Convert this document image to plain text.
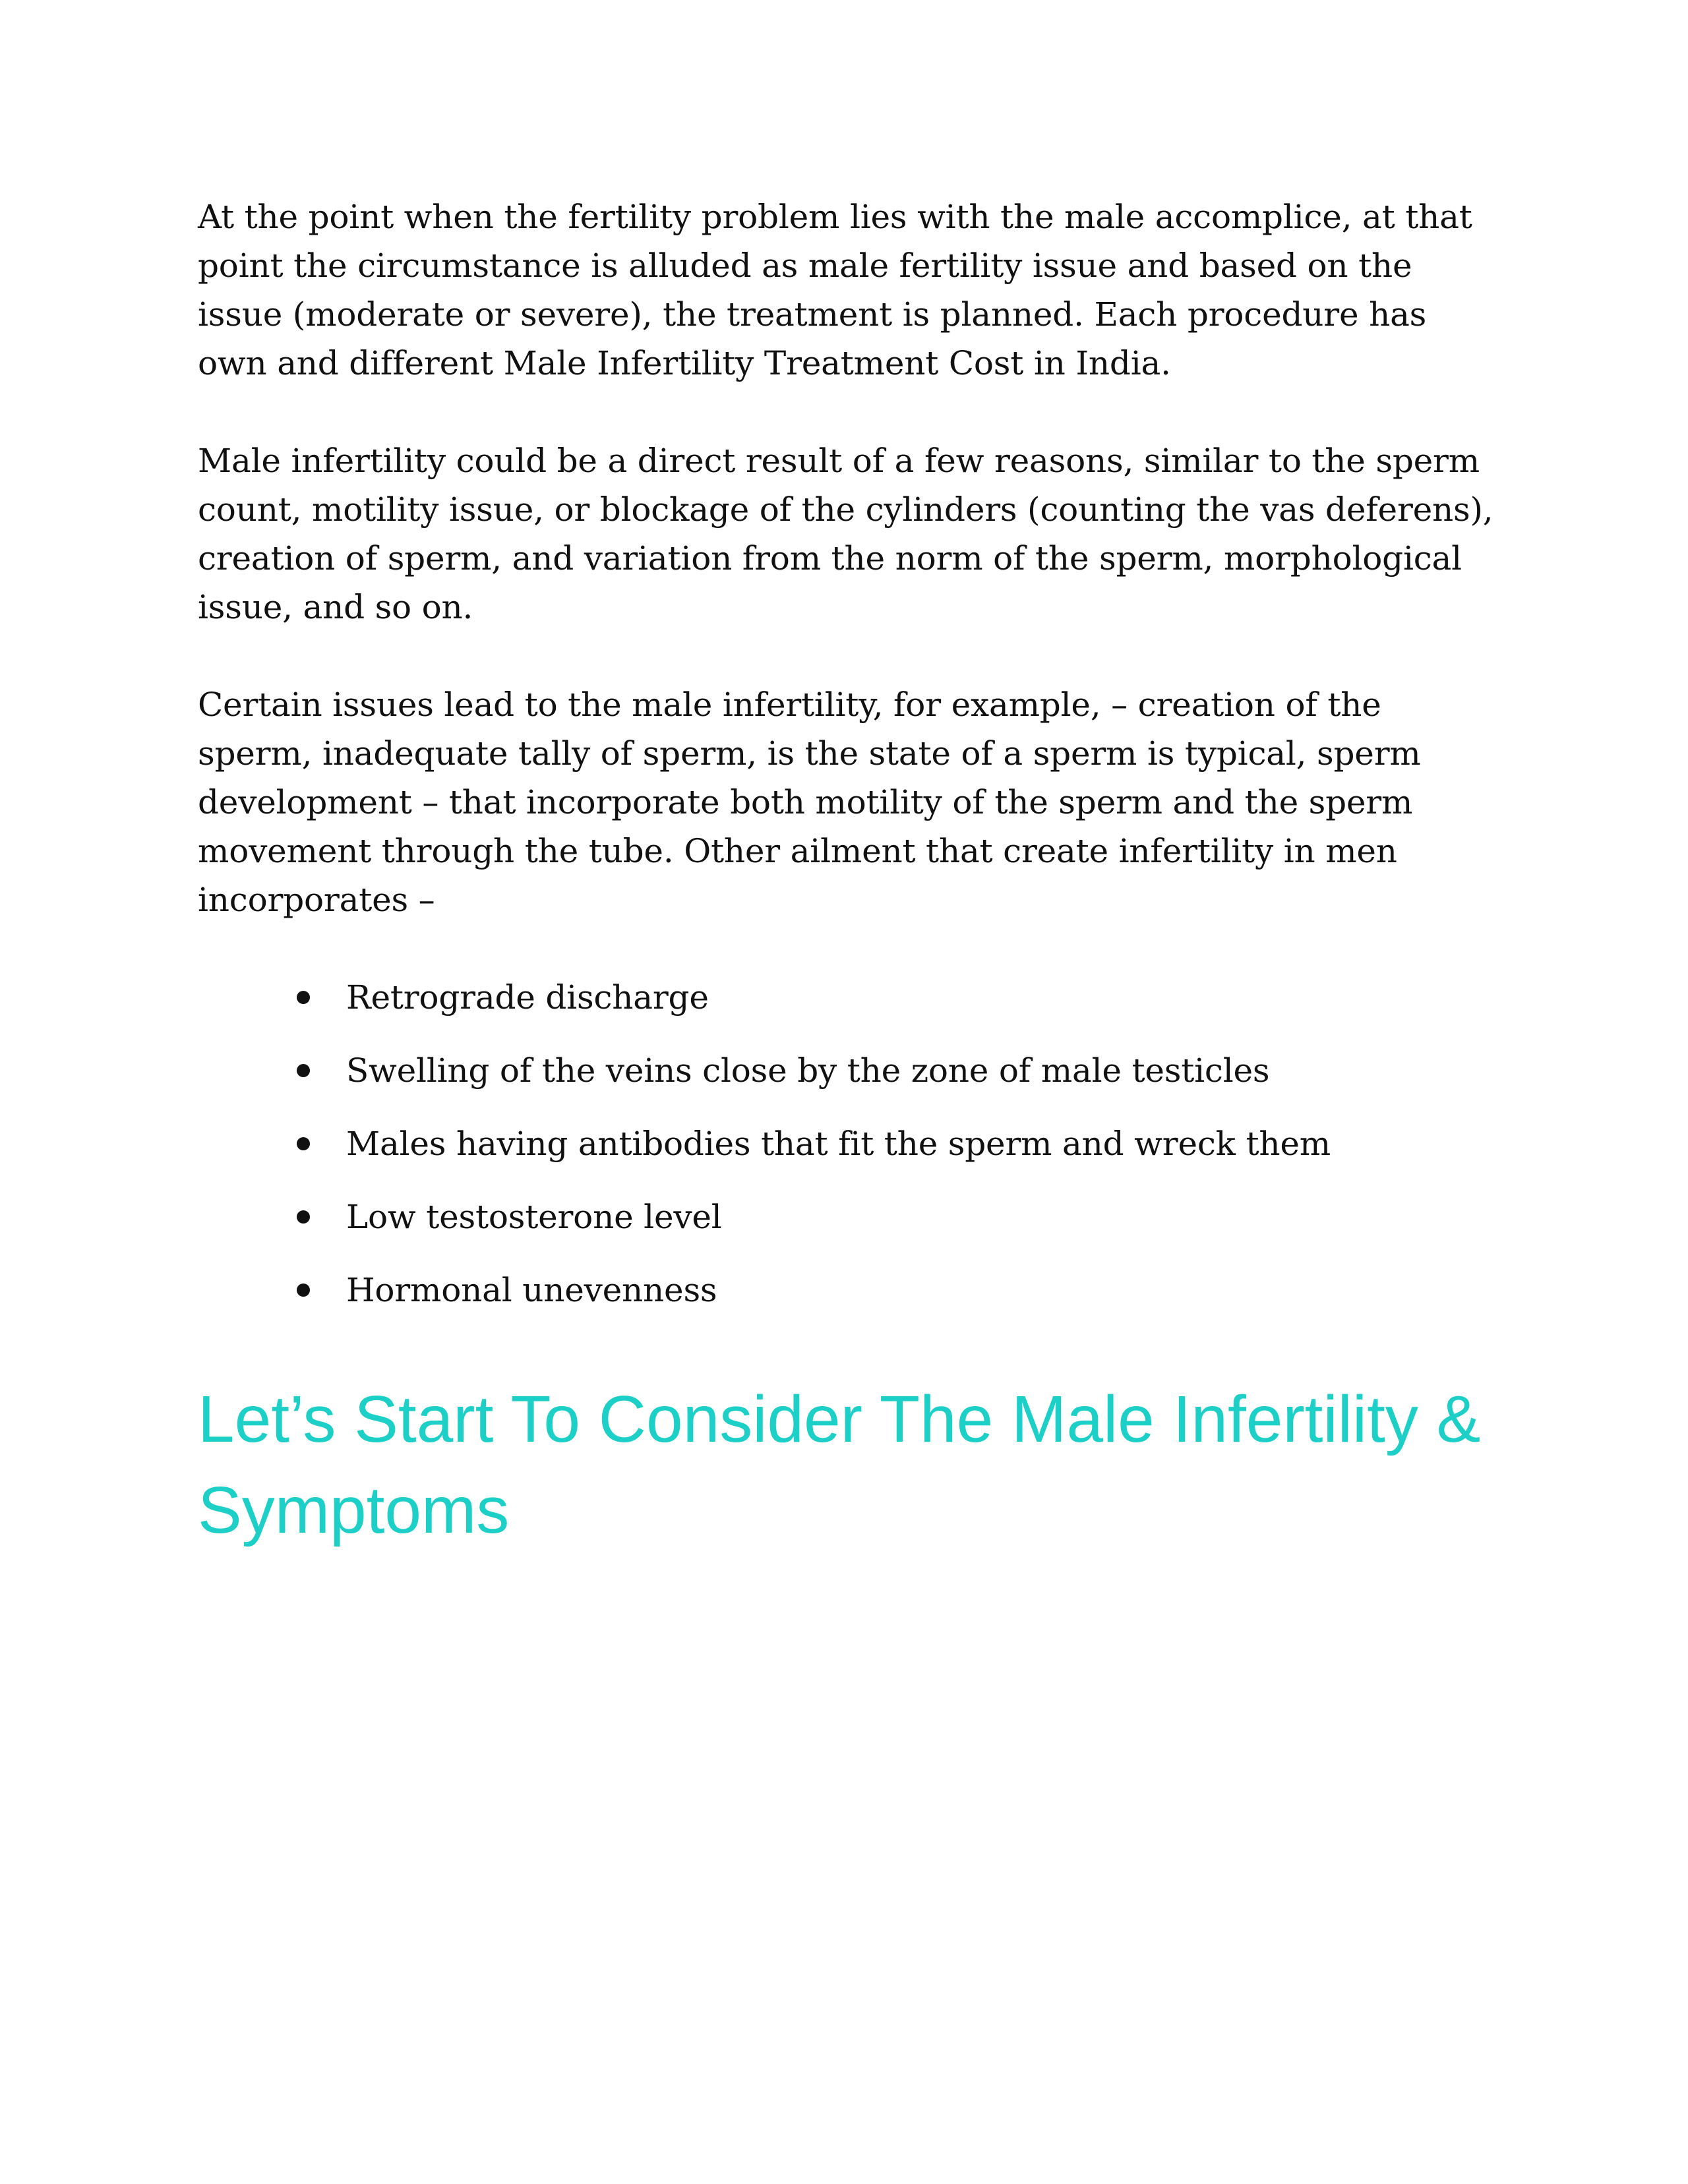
At the point when the fertility problem lies with the male accomplice, at that point the circumstance is alluded as male fertility issue and based on the issue (moderate or severe), the treatment is planned. Each procedure has own and different Male Infertility Treatment Cost in India.

Male infertility could be a direct result of a few reasons, similar to the sperm count, motility issue, or blockage of the cylinders (counting the vas deferens), creation of sperm, and variation from the norm of the sperm, morphological issue, and so on.

Certain issues lead to the male infertility, for example, – creation of the sperm, inadequate tally of sperm, is the state of a sperm is typical, sperm development – that incorporate both motility of the sperm and the sperm movement through the tube. Other ailment that create infertility in men incorporates –

Retrograde discharge
Swelling of the veins close by the zone of male testicles
Males having antibodies that fit the sperm and wreck them
Low testosterone level
Hormonal unevenness
Let’s Start To Consider The Male Infertility & Symptoms
